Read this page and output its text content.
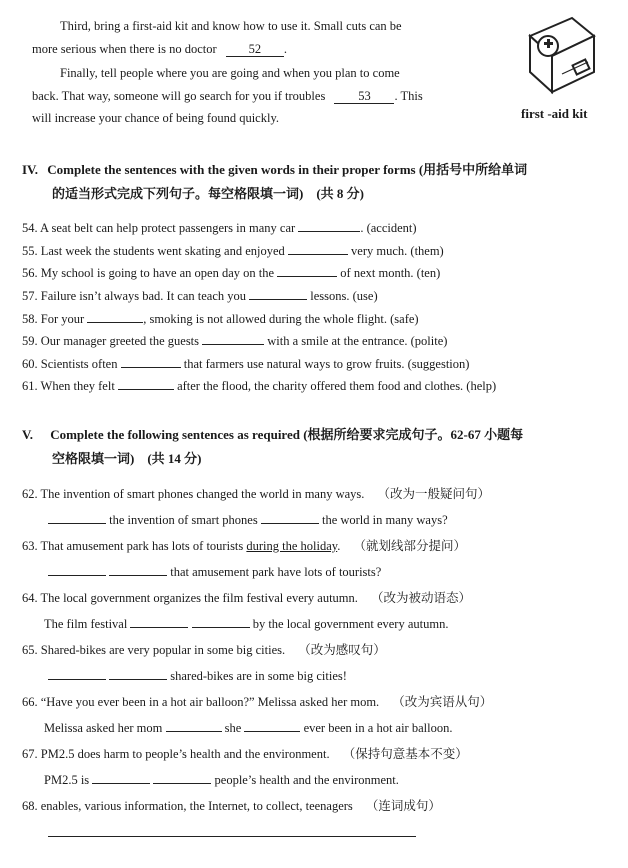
Third, bring a first-aid kit and know how to use it. Small cuts can be
more serious when there is no doctor	52 .
Finally, tell people where you are going and when you plan to come
back. That way, someone will go search for you if troubles	53 . This
will increase your chance of being found quickly.	first -aid kit
IV. Complete the sentences with the given words in their proper forms (用括号中所给单词
的适当形式完成下列句子。每空格限填一词)　(共 8 分)
54. A seat belt can help protect passengers in many car	. (accident)
55. Last week the students went skating and enjoyed	very much. (them)
56. My school is going to have an open day on the	of next month. (ten)
57. Failure isn’t always bad. It can teach you	lessons. (use)
58. For your	, smoking is not allowed during the whole flight. (safe)
59. Our manager greeted the guests	with a smile at the entrance. (polite)
60. Scientists often	that farmers use natural ways to grow fruits. (suggestion)
61. When they felt	after the flood, the charity offered them food and clothes. (help)
V. Complete the following sentences as required (根据所给要求完成句子。62-67 小题每
空格限填一词)　(共 14 分)
62. The invention of smart phones changed the world in many ways. （改为一般疑问句）
the invention of smart phones	the world in many ways?
63. That amusement park has lots of tourists during the holiday. （就划线部分提问）
that amusement park have lots of tourists?
64. The local government organizes the film festival every autumn. （改为被动语态）
The film festival	by the local government every autumn.
65. Shared-bikes are very popular in some big cities. （改为感叹句）
shared-bikes are in some big cities!
66. “Have you ever been in a hot air balloon?” Melissa asked her mom. （改为宾语从句）
Melissa asked her mom	she	ever been in a hot air balloon.
67. PM2.5 does harm to people’s health and the environment. （保持句意基本不变）
PM2.5 is	people’s health and the environment.
68. enables, various information, the Internet, to collect, teenagers （连词成句）
